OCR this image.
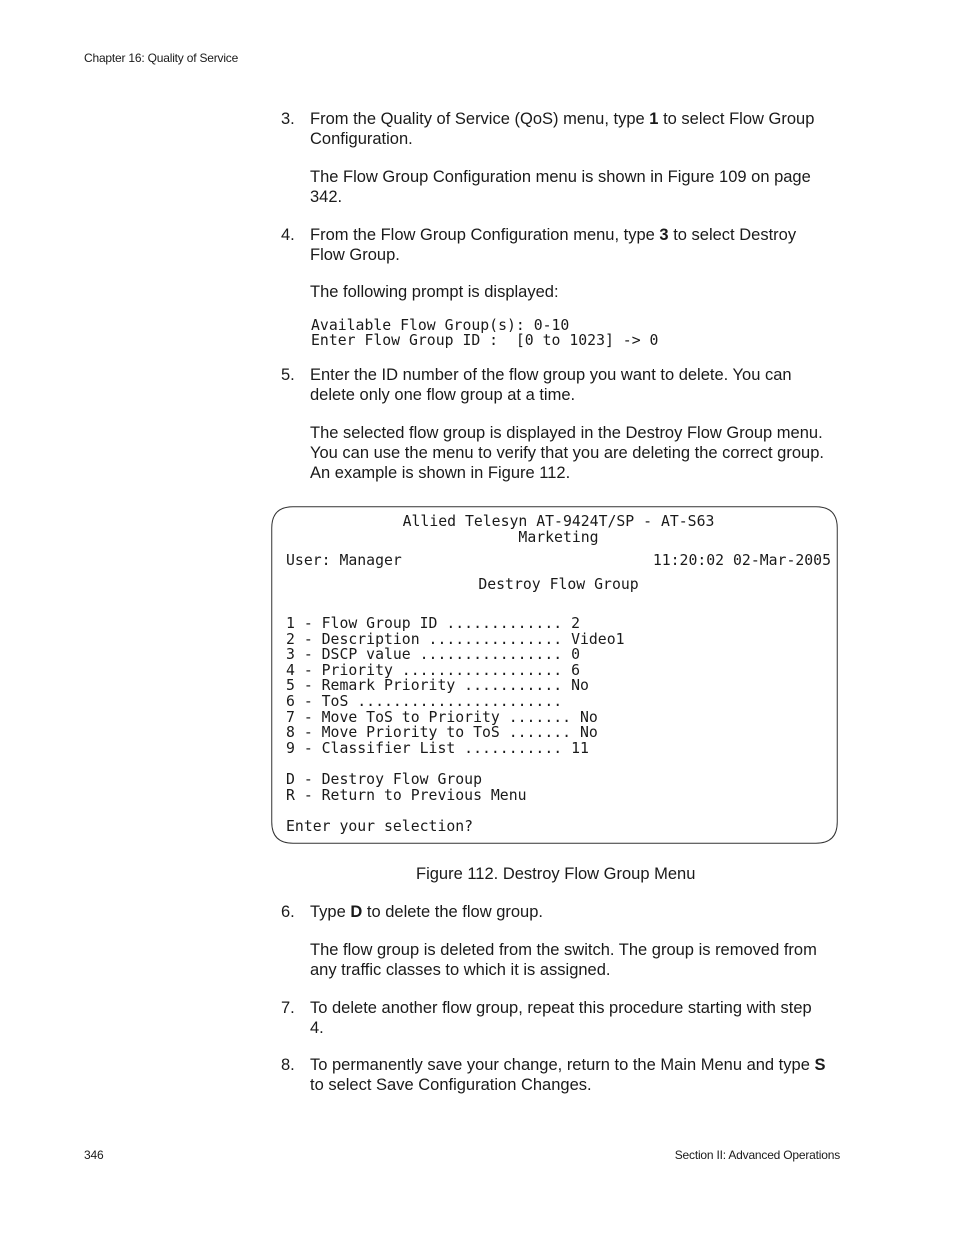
Chapter 16: Quality of Service
3. From the Quality of Service (QoS) menu, type 1 to select Flow Group
Configuration.
The Flow Group Configuration menu is shown in Figure 109 on page
342.
4. From the Flow Group Configuration menu, type 3 to select Destroy
Flow Group.
The following prompt is displayed:
Available Flow Group(s): 0-10
Enter Flow Group ID :  [0 to 1023] -> 0
5. Enter the ID number of the flow group you want to delete. You can
delete only one flow group at a time.
The selected flow group is displayed in the Destroy Flow Group menu.
You can use the menu to verify that you are deleting the correct group.
An example is shown in Figure 112.
Allied Telesyn AT-9424T/SP - AT-S63
Marketing
User: Manager	11:20:02 02-Mar-2005
Destroy Flow Group
1 - Flow Group ID ............. 2
2 - Description ............... Video1
3 - DSCP value ................ 0
4 - Priority .................. 6
5 - Remark Priority ........... No
6 - ToS .......................
7 - Move ToS to Priority ....... No
8 - Move Priority to ToS ....... No
9 - Classifier List ........... 11
D - Destroy Flow Group
R - Return to Previous Menu
Enter your selection?
Figure 112. Destroy Flow Group Menu
6. Type D to delete the flow group.
The flow group is deleted from the switch. The group is removed from
any traffic classes to which it is assigned.
7. To delete another flow group, repeat this procedure starting with step
4.
8. To permanently save your change, return to the Main Menu and type S
to select Save Configuration Changes.
346	Section II: Advanced Operations
